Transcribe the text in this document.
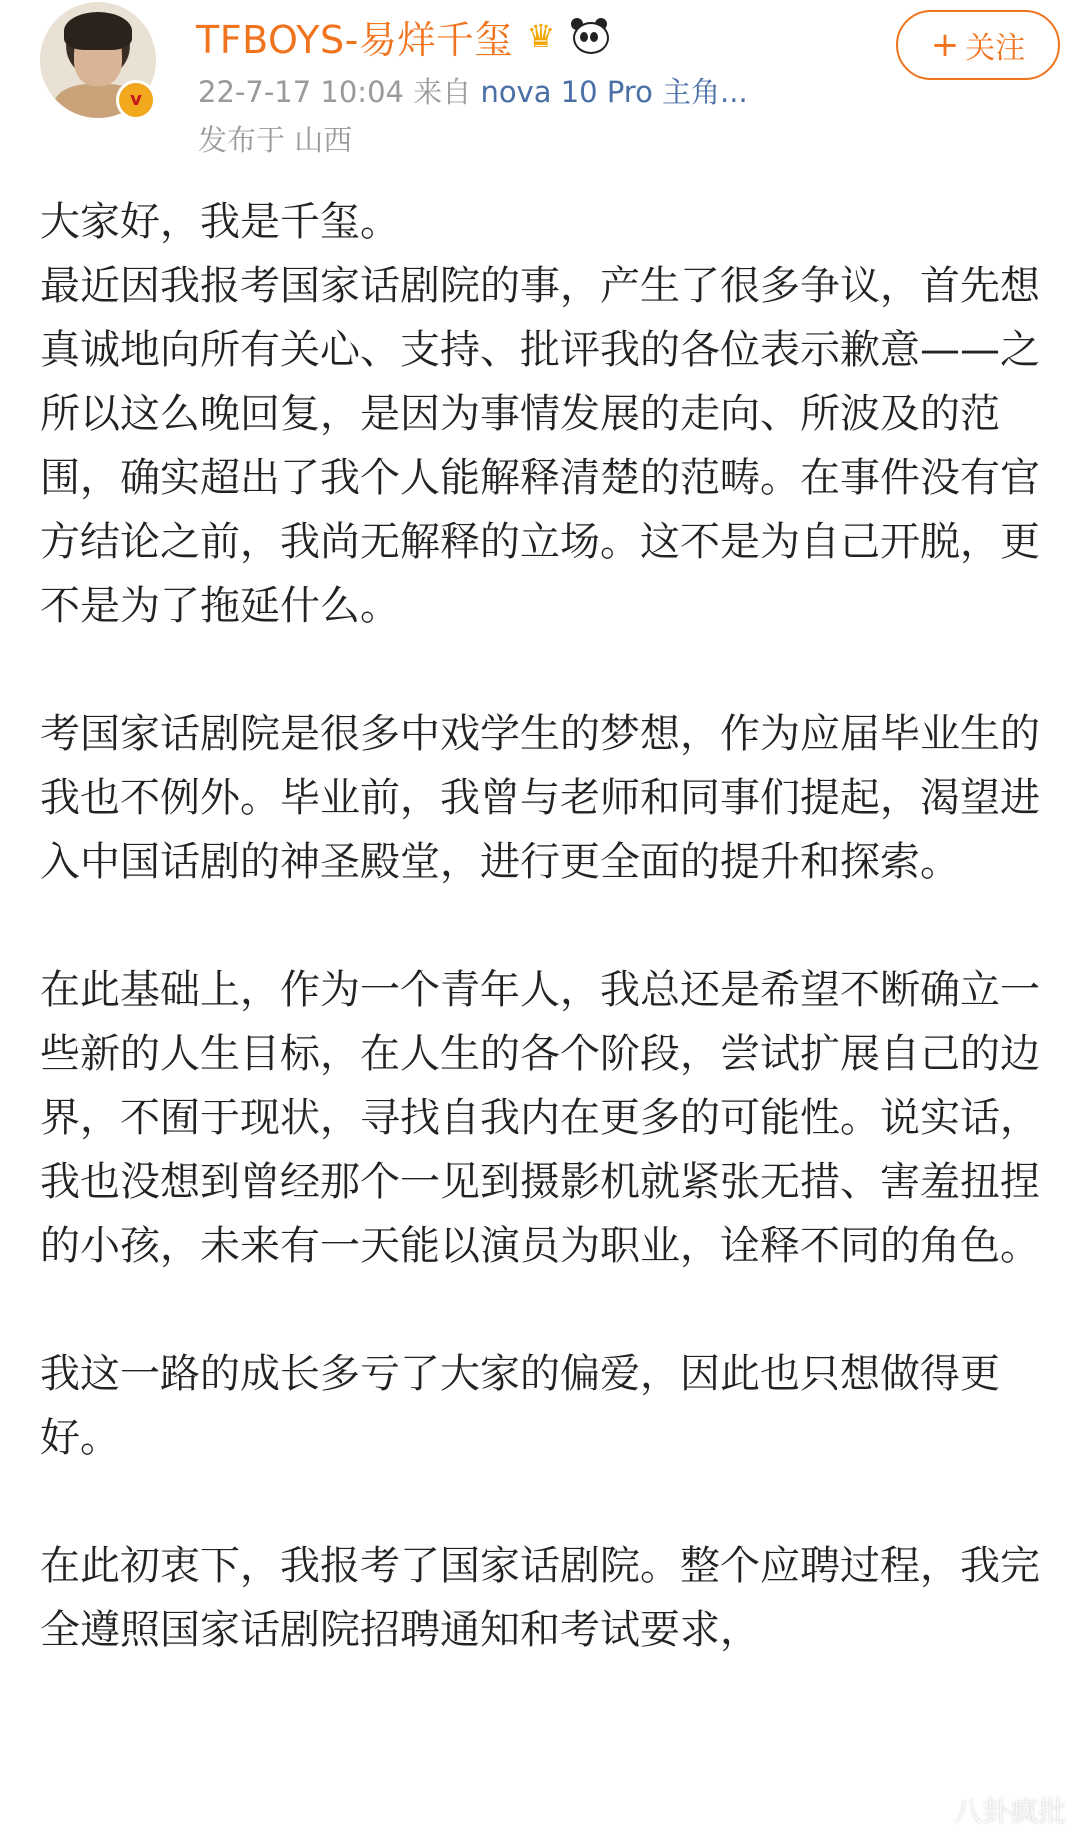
v
TFBOYS-易烊千玺 ♛
22-7-17 10:04 来自 nova 10 Pro 主角...
发布于 山西
+ 关注

大家好，我是千玺。

最近因我报考国家话剧院的事，产生了很多争议，首先想真诚地向所有关心、支持、批评我的各位表示歉意——之所以这么晚回复，是因为事情发展的走向、所波及的范围，确实超出了我个人能解释清楚的范畴。在事件没有官方结论之前，我尚无解释的立场。这不是为自己开脱，更不是为了拖延什么。

考国家话剧院是很多中戏学生的梦想，作为应届毕业生的我也不例外。毕业前，我曾与老师和同事们提起，渴望进入中国话剧的神圣殿堂，进行更全面的提升和探索。

在此基础上，作为一个青年人，我总还是希望不断确立一些新的人生目标，在人生的各个阶段，尝试扩展自己的边界，不囿于现状，寻找自我内在更多的可能性。说实话，我也没想到曾经那个一见到摄影机就紧张无措、害羞扭捏的小孩，未来有一天能以演员为职业，诠释不同的角色。

我这一路的成长多亏了大家的偏爱，因此也只想做得更好。

在此初衷下，我报考了国家话剧院。整个应聘过程，我完全遵照国家话剧院招聘通知和考试要求，

八卦疯批
